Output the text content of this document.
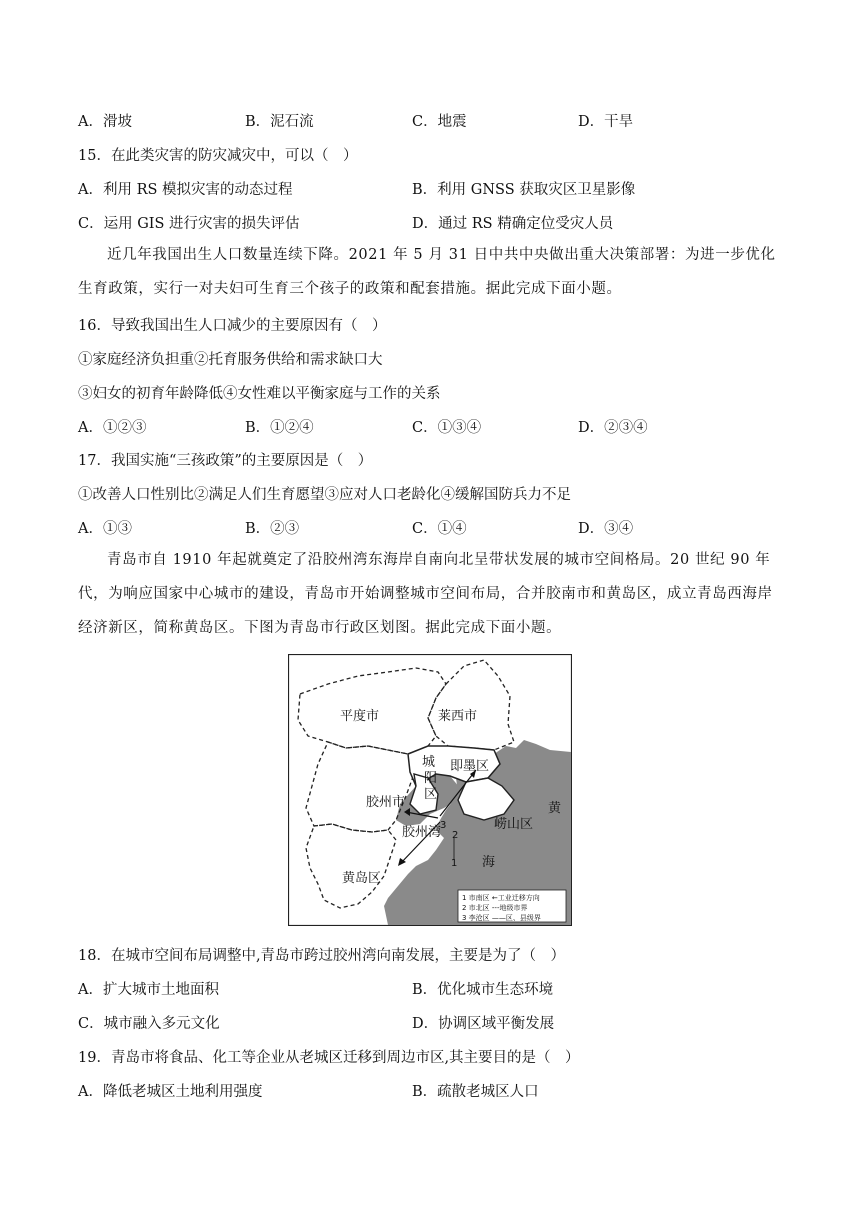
A．滑坡	B．泥石流	C．地震	D．干旱
15．在此类灾害的防灾减灾中，可以（　）
A．利用 RS 模拟灾害的动态过程	B．利用 GNSS 获取灾区卫星影像
C．运用 GIS 进行灾害的损失评估	D．通过 RS 精确定位受灾人员
近几年我国出生人口数量连续下降。2021 年 5 月 31 日中共中央做出重大决策部署：为进一步优化生育政策，实行一对夫妇可生育三个孩子的政策和配套措施。据此完成下面小题。
16．导致我国出生人口减少的主要原因有（　）
①家庭经济负担重②托育服务供给和需求缺口大
③妇女的初育年龄降低④女性难以平衡家庭与工作的关系
A．①②③	B．①②④	C．①③④	D．②③④
17．我国实施“三孩政策”的主要原因是（　）
①改善人口性别比②满足人们生育愿望③应对人口老龄化④缓解国防兵力不足
A．①③	B．②③	C．①④	D．③④
青岛市自 1910 年起就奠定了沿胶州湾东海岸自南向北呈带状发展的城市空间格局。20 世纪 90 年代，为响应国家中心城市的建设，青岛市开始调整城市空间布局，合并胶南市和黄岛区，成立青岛西海岸经济新区，简称黄岛区。下图为青岛市行政区划图。据此完成下面小题。
平度市	莱西市
即墨区
城
阳
区
胶州市
胶州湾
崂山区
黄
海
黄岛区
3
2
1
1 市南区 ←工业迁移方向
2 市北区 ---地级市界
3 李沧区 ——区、县级界
18．在城市空间布局调整中,青岛市跨过胶州湾向南发展，主要是为了（　）
A．扩大城市土地面积	B．优化城市生态环境
C．城市融入多元文化	D．协调区域平衡发展
19．青岛市将食品、化工等企业从老城区迁移到周边市区,其主要目的是（　）
A．降低老城区土地利用强度	B．疏散老城区人口
